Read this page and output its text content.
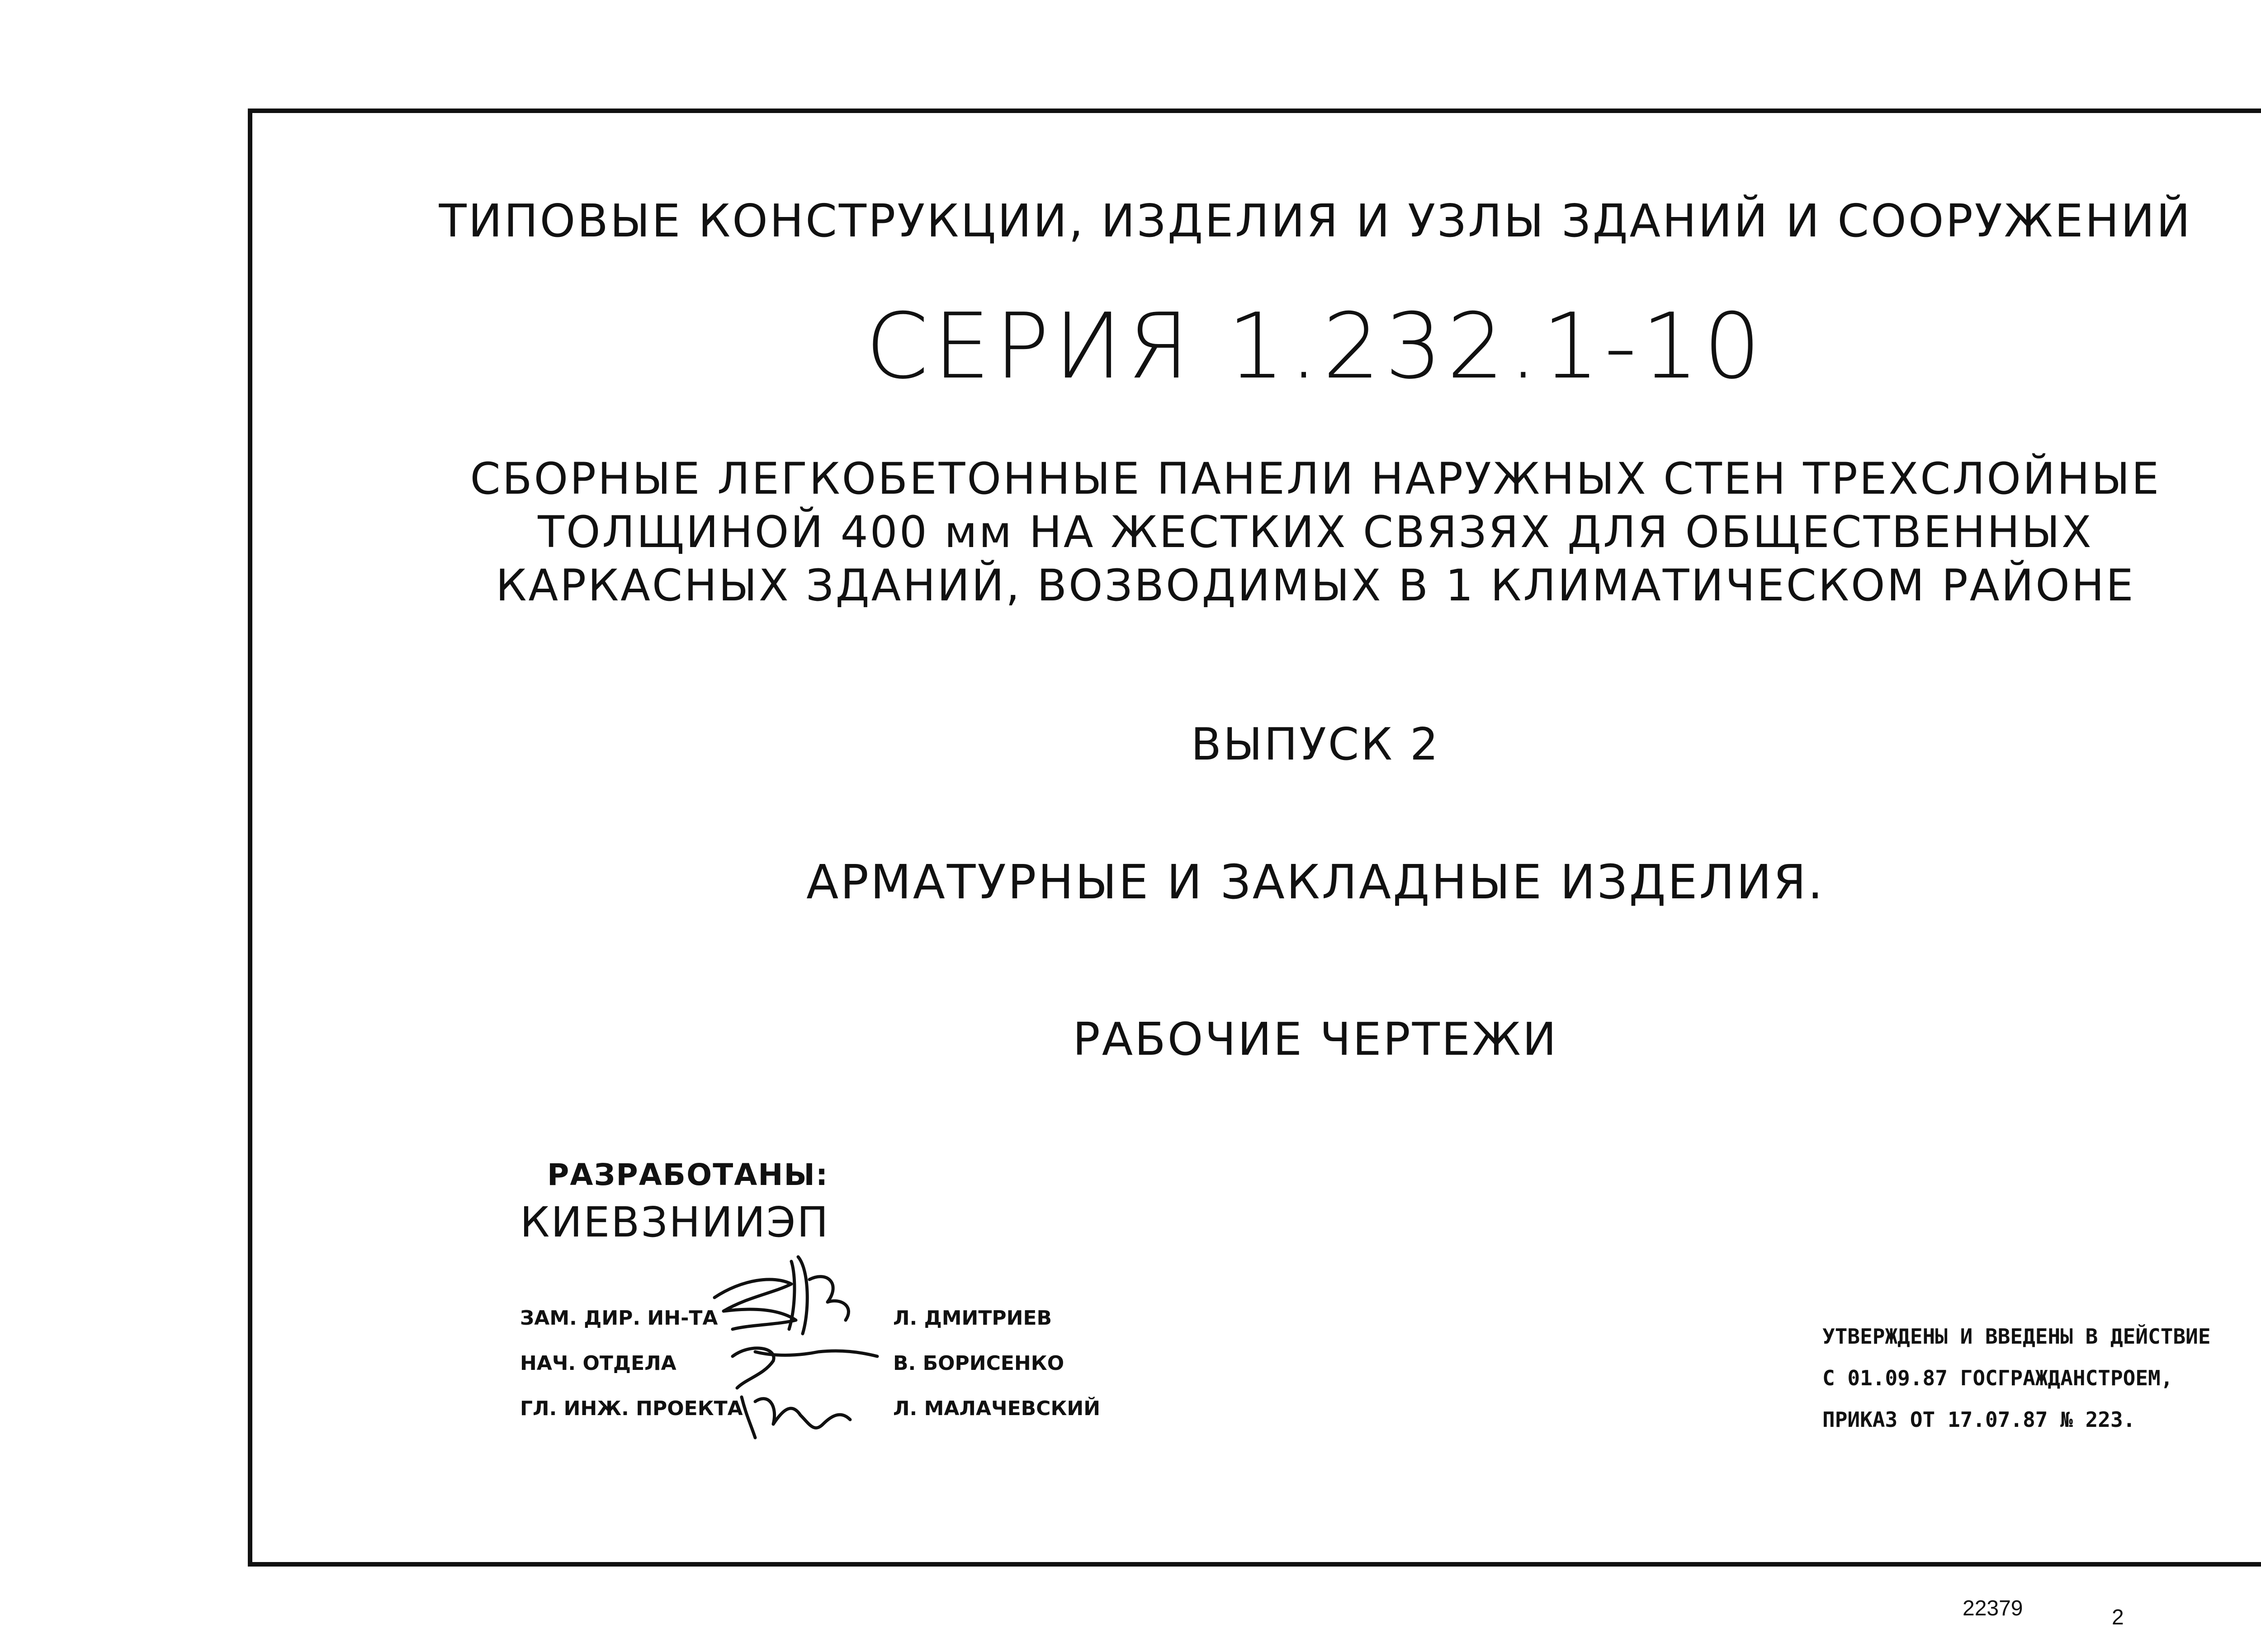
ТИПОВЫЕ КОНСТРУКЦИИ, ИЗДЕЛИЯ И УЗЛЫ ЗДАНИЙ И СООРУЖЕНИЙ
СЕРИЯ 1.232.1-10
СБОРНЫЕ ЛЕГКОБЕТОННЫЕ ПАНЕЛИ НАРУЖНЫХ СТЕН ТРЕХСЛОЙНЫЕ
ТОЛЩИНОЙ 400 мм НА ЖЕСТКИХ СВЯЗЯХ ДЛЯ ОБЩЕСТВЕННЫХ
КАРКАСНЫХ ЗДАНИЙ, ВОЗВОДИМЫХ В 1 КЛИМАТИЧЕСКОМ РАЙОНЕ
ВЫПУСК 2
АРМАТУРНЫЕ И ЗАКЛАДНЫЕ ИЗДЕЛИЯ.
РАБОЧИЕ ЧЕРТЕЖИ
РАЗРАБОТАНЫ:
КИЕВЗНИИЭП
ЗАМ. ДИР. ИН-ТА	Л. ДМИТРИЕВ
НАЧ. ОТДЕЛА	В. БОРИСЕНКО
ГЛ. ИНЖ. ПРОЕКТА	Л. МАЛАЧЕВСКИЙ
УТВЕРЖДЕНЫ И ВВЕДЕНЫ В ДЕЙСТВИЕ
С 01.09.87 ГОСГРАЖДАНСТРОЕМ,
ПРИКАЗ ОТ 17.07.87 № 223.
22379	2
